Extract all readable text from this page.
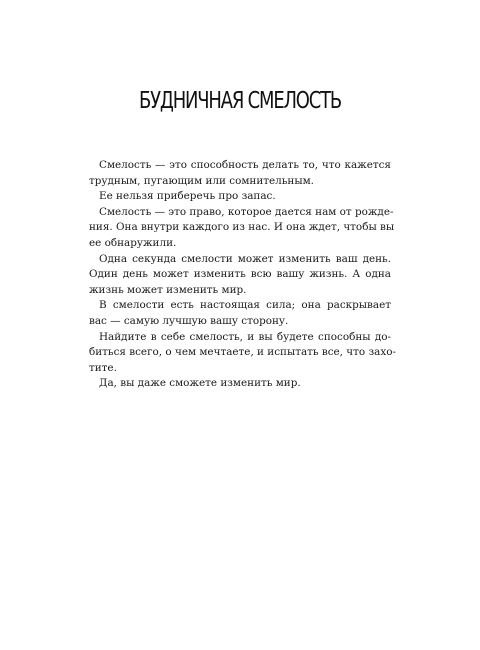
БУДНИЧНАЯ СМЕЛОСТЬ

Смелость — это способность делать то, что кажется
трудным, пугающим или сомнительным.

Ее нельзя приберечь про запас.

Смелость — это право, которое дается нам от рожде-
ния. Она внутри каждого из нас. И она ждет, чтобы вы
ее обнаружили.

Одна секунда смелости может изменить ваш день.
Один день может изменить всю вашу жизнь. А одна
жизнь может изменить мир.

В смелости есть настоящая сила; она раскрывает
вас — самую лучшую вашу сторону.

Найдите в себе смелость, и вы будете способны до-
биться всего, о чем мечтаете, и испытать все, что захо-
тите.

Да, вы даже сможете изменить мир.
